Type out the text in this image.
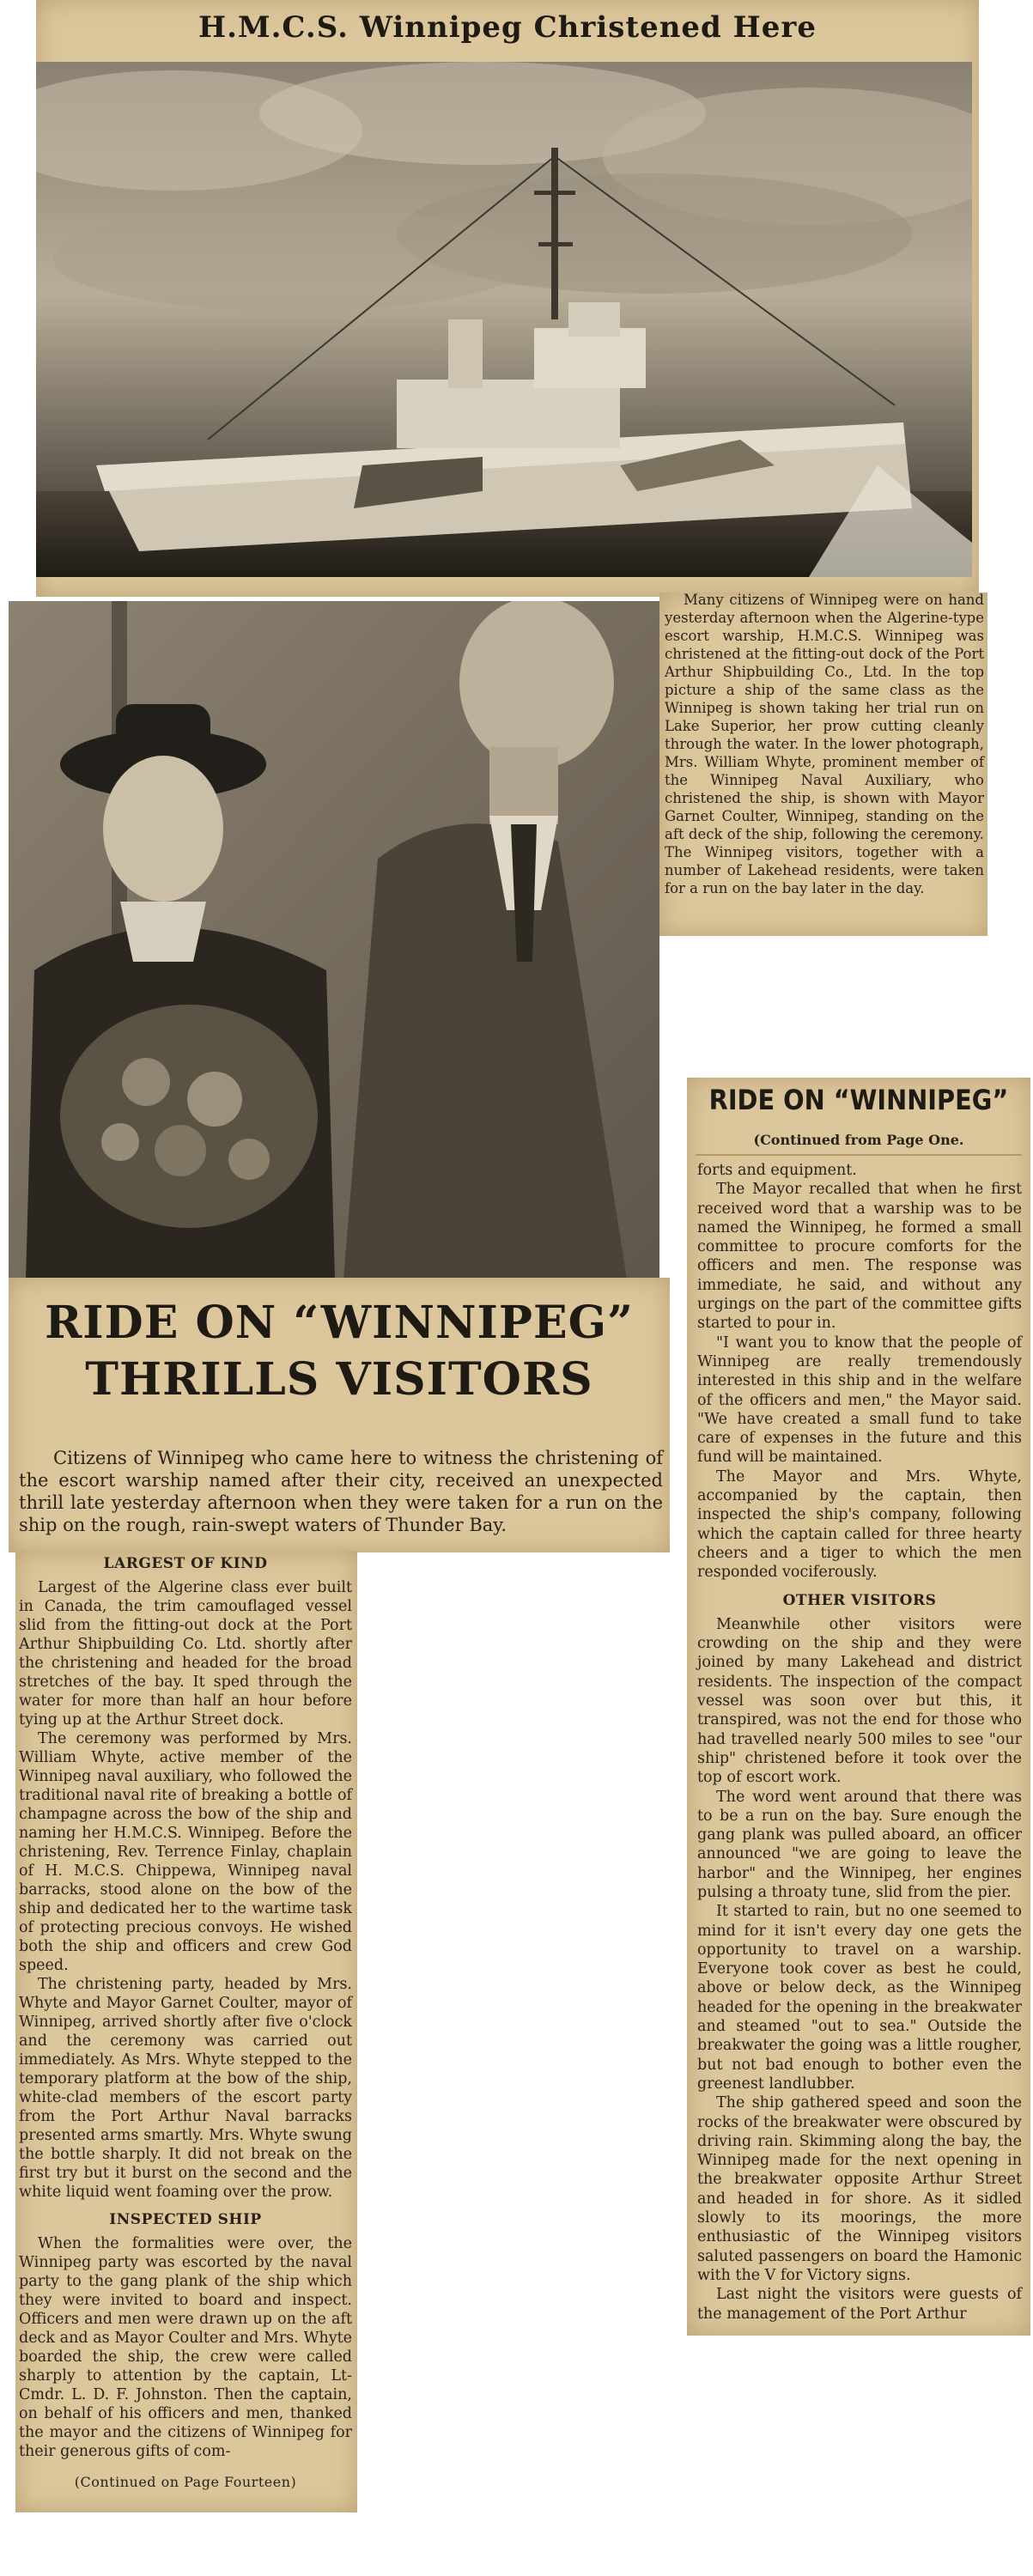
H.M.C.S. Winnipeg Christened Here

Many citizens of Winnipeg were on hand yesterday afternoon when the Algerine-type escort warship, H.M.C.S. Winnipeg was christened at the fitting-out dock of the Port Arthur Shipbuilding Co., Ltd. In the top picture a ship of the same class as the Winnipeg is shown taking her trial run on Lake Superior, her prow cutting cleanly through the water. In the lower photograph, Mrs. William Whyte, prominent member of the Winnipeg Naval Auxiliary, who christened the ship, is shown with Mayor Garnet Coulter, Winnipeg, standing on the aft deck of the ship, following the ceremony. The Winnipeg visitors, together with a number of Lakehead residents, were taken for a run on the bay later in the day.

RIDE ON “WINNIPEG”
THRILLS VISITORS

Citizens of Winnipeg who came here to witness the christening of the escort warship named after their city, received an unexpected thrill late yesterday afternoon when they were taken for a run on the ship on the rough, rain-swept waters of Thunder Bay.

LARGEST OF KIND

Largest of the Algerine class ever built in Canada, the trim camouflaged vessel slid from the fitting-out dock at the Port Arthur Shipbuilding Co. Ltd. shortly after the christening and headed for the broad stretches of the bay. It sped through the water for more than half an hour before tying up at the Arthur Street dock.

The ceremony was performed by Mrs. William Whyte, active member of the Winnipeg naval auxiliary, who followed the traditional naval rite of breaking a bottle of champagne across the bow of the ship and naming her H.M.C.S. Winnipeg. Before the christening, Rev. Terrence Finlay, chaplain of H. M.C.S. Chippewa, Winnipeg naval barracks, stood alone on the bow of the ship and dedicated her to the wartime task of protecting precious convoys. He wished both the ship and officers and crew God speed.

The christening party, headed by Mrs. Whyte and Mayor Garnet Coulter, mayor of Winnipeg, arrived shortly after five o'clock and the ceremony was carried out immediately. As Mrs. Whyte stepped to the temporary platform at the bow of the ship, white-clad members of the escort party from the Port Arthur Naval barracks presented arms smartly. Mrs. Whyte swung the bottle sharply. It did not break on the first try but it burst on the second and the white liquid went foaming over the prow.

INSPECTED SHIP

When the formalities were over, the Winnipeg party was escorted by the naval party to the gang plank of the ship which they were invited to board and inspect. Officers and men were drawn up on the aft deck and as Mayor Coulter and Mrs. Whyte boarded the ship, the crew were called sharply to attention by the captain, Lt-Cmdr. L. D. F. Johnston. Then the captain, on behalf of his officers and men, thanked the mayor and the citizens of Winnipeg for their generous gifts of com-

(Continued on Page Fourteen)
RIDE ON “WINNIPEG”
(Continued from Page One.

forts and equipment.

The Mayor recalled that when he first received word that a warship was to be named the Winnipeg, he formed a small committee to procure comforts for the officers and men. The response was immediate, he said, and without any urgings on the part of the committee gifts started to pour in.

"I want you to know that the people of Winnipeg are really tremendously interested in this ship and in the welfare of the officers and men," the Mayor said. "We have created a small fund to take care of expenses in the future and this fund will be maintained.

The Mayor and Mrs. Whyte, accompanied by the captain, then inspected the ship's company, following which the captain called for three hearty cheers and a tiger to which the men responded vociferously.

OTHER VISITORS

Meanwhile other visitors were crowding on the ship and they were joined by many Lakehead and district residents. The inspection of the compact vessel was soon over but this, it transpired, was not the end for those who had travelled nearly 500 miles to see "our ship" christened before it took over the top of escort work.

The word went around that there was to be a run on the bay. Sure enough the gang plank was pulled aboard, an officer announced "we are going to leave the harbor" and the Winnipeg, her engines pulsing a throaty tune, slid from the pier.

It started to rain, but no one seemed to mind for it isn't every day one gets the opportunity to travel on a warship. Everyone took cover as best he could, above or below deck, as the Winnipeg headed for the opening in the breakwater and steamed "out to sea." Outside the breakwater the going was a little rougher, but not bad enough to bother even the greenest landlubber.

The ship gathered speed and soon the rocks of the breakwater were obscured by driving rain. Skimming along the bay, the Winnipeg made for the next opening in the breakwater opposite Arthur Street and headed in for shore. As it sidled slowly to its moorings, the more enthusiastic of the Winnipeg visitors saluted passengers on board the Hamonic with the V for Victory signs.

Last night the visitors were guests of the management of the Port Arthur
